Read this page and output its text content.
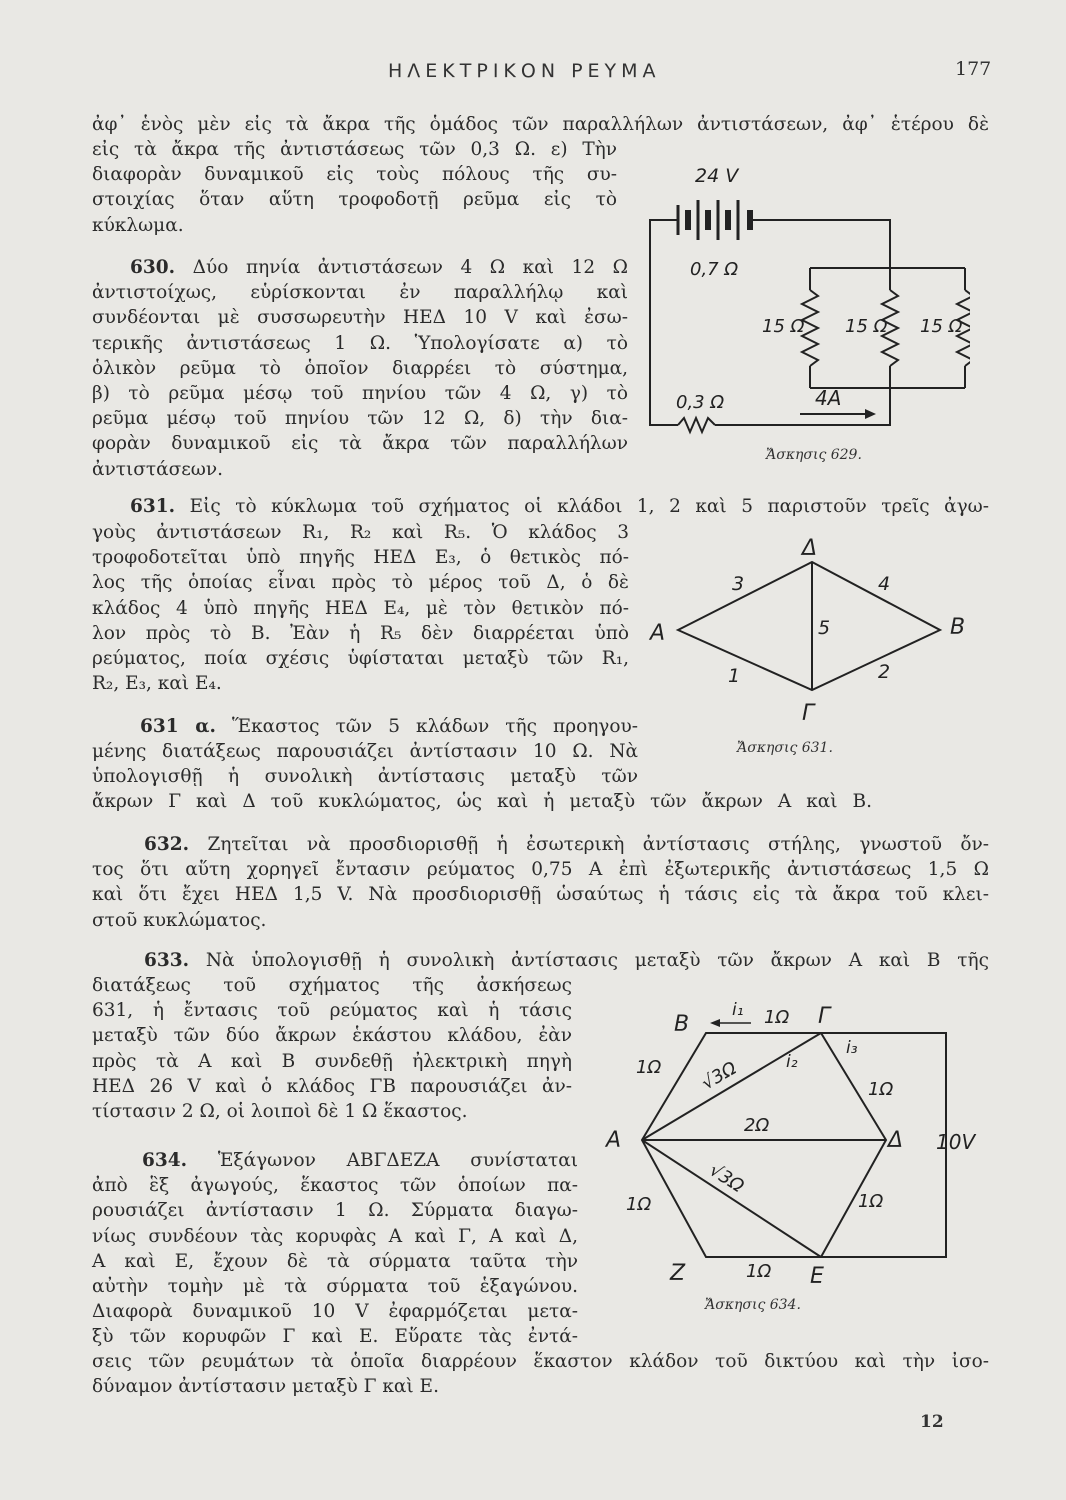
ΗΛΕΚΤΡΙΚΟΝ ΡΕΥΜΑ	177
ἀφ᾽ ἑνὸς μὲν εἰς τὰ ἄκρα τῆς ὁμάδος τῶν παραλλήλων ἀντιστάσεων, ἀφ᾽ ἑτέρου δὲ
εἰς τὰ ἄκρα τῆς ἀντιστάσεως τῶν 0,3 Ω. ε) Τὴν
διαφορὰν δυναμικοῦ εἰς τοὺς πόλους τῆς συ-
στοιχίας ὅταν αὕτη τροφοδοτῇ ρεῦμα εἰς τὸ
κύκλωμα.
630. Δύο πηνία ἀντιστάσεων 4 Ω καὶ 12 Ω
ἀντιστοίχως, εὑρίσκονται ἐν παραλλήλῳ καὶ
συνδέονται μὲ συσσωρευτὴν ΗΕΔ 10 V καὶ ἐσω-
τερικῆς ἀντιστάσεως 1 Ω. Ὑπολογίσατε α) τὸ
ὁλικὸν ρεῦμα τὸ ὁποῖον διαρρέει τὸ σύστημα,
β) τὸ ρεῦμα μέσῳ τοῦ πηνίου τῶν 4 Ω, γ) τὸ
ρεῦμα μέσῳ τοῦ πηνίου τῶν 12 Ω, δ) τὴν δια-
φορὰν δυναμικοῦ εἰς τὰ ἄκρα τῶν παραλλήλων
ἀντιστάσεων.
24 V
0,7 Ω
15 Ω 15 Ω 15 Ω
0,3 Ω	4A
Ἄσκησις 629.
631. Εἰς τὸ κύκλωμα τοῦ σχήματος οἱ κλάδοι 1, 2 καὶ 5 παριστοῦν τρεῖς ἀγω-
γοὺς ἀντιστάσεων R₁, R₂ καὶ R₅. Ὁ κλάδος 3
τροφοδοτεῖται ὑπὸ πηγῆς ΗΕΔ E₃, ὁ θετικὸς πό-
λος τῆς ὁποίας εἶναι πρὸς τὸ μέρος τοῦ Δ, ὁ δὲ
κλάδος 4 ὑπὸ πηγῆς ΗΕΔ E₄, μὲ τὸν θετικὸν πό-
λον πρὸς τὸ Β. Ἐὰν ἡ R₅ δὲν διαρρέεται ὑπὸ
ρεύματος, ποία σχέσις ὑφίσταται μεταξὺ τῶν R₁,
R₂, E₃, καὶ E₄.
Δ
Α	Β
Γ
3	4
5
1	2
Ἄσκησις 631.
631 α. Ἕκαστος τῶν 5 κλάδων τῆς προηγου-
μένης διατάξεως παρουσιάζει ἀντίστασιν 10 Ω. Νὰ
ὑπολογισθῇ ἡ συνολικὴ ἀντίστασις μεταξὺ τῶν
ἄκρων Γ καὶ Δ τοῦ κυκλώματος, ὡς καὶ ἡ μεταξὺ τῶν ἄκρων Α καὶ Β.
632. Ζητεῖται νὰ προσδιορισθῇ ἡ ἐσωτερικὴ ἀντίστασις στήλης, γνωστοῦ ὄν-
τος ὅτι αὕτη χορηγεῖ ἔντασιν ρεύματος 0,75 Α ἐπὶ ἐξωτερικῆς ἀντιστάσεως 1,5 Ω
καὶ ὅτι ἔχει ΗΕΔ 1,5 V. Νὰ προσδιορισθῇ ὡσαύτως ἡ τάσις εἰς τὰ ἄκρα τοῦ κλει-
στοῦ κυκλώματος.
633. Νὰ ὑπολογισθῇ ἡ συνολικὴ ἀντίστασις μεταξὺ τῶν ἄκρων Α καὶ Β τῆς
διατάξεως τοῦ σχήματος τῆς ἀσκήσεως
631, ἡ ἔντασις τοῦ ρεύματος καὶ ἡ τάσις
μεταξὺ τῶν δύο ἄκρων ἑκάστου κλάδου, ἐὰν
πρὸς τὰ Α καὶ Β συνδεθῇ ἠλεκτρικὴ πηγὴ
ΗΕΔ 26 V καὶ ὁ κλάδος ΓΒ παρουσιάζει ἀν-
τίστασιν 2 Ω, οἱ λοιποὶ δὲ 1 Ω ἕκαστος.
634. Ἑξάγωνον ΑΒΓΔΕΖΑ συνίσταται
ἀπὸ ἓξ ἀγωγούς, ἕκαστος τῶν ὁποίων πα-
ρουσιάζει ἀντίστασιν 1 Ω. Σύρματα διαγω-
νίως συνδέουν τὰς κορυφὰς Α καὶ Γ, Α καὶ Δ,
Α καὶ Ε, ἔχουν δὲ τὰ σύρματα ταῦτα τὴν
αὐτὴν τομὴν μὲ τὰ σύρματα τοῦ ἑξαγώνου.
Διαφορὰ δυναμικοῦ 10 V ἐφαρμόζεται μετα-
ξὺ τῶν κορυφῶν Γ καὶ Ε. Εὕρατε τὰς ἐντά-
σεις τῶν ρευμάτων τὰ ὁποῖα διαρρέουν ἕκαστον κλάδον τοῦ δικτύου καὶ τὴν ἰσο-
δύναμον ἀντίστασιν μεταξὺ Γ καὶ Ε.
Β	Γ
Δ
Α
Ζ	Ε
1Ω
i₁
i₃
i₂
1Ω √3Ω	1Ω
2Ω
10V
√3Ω
1Ω	1Ω
1Ω
Ἄσκησις 634.
12
